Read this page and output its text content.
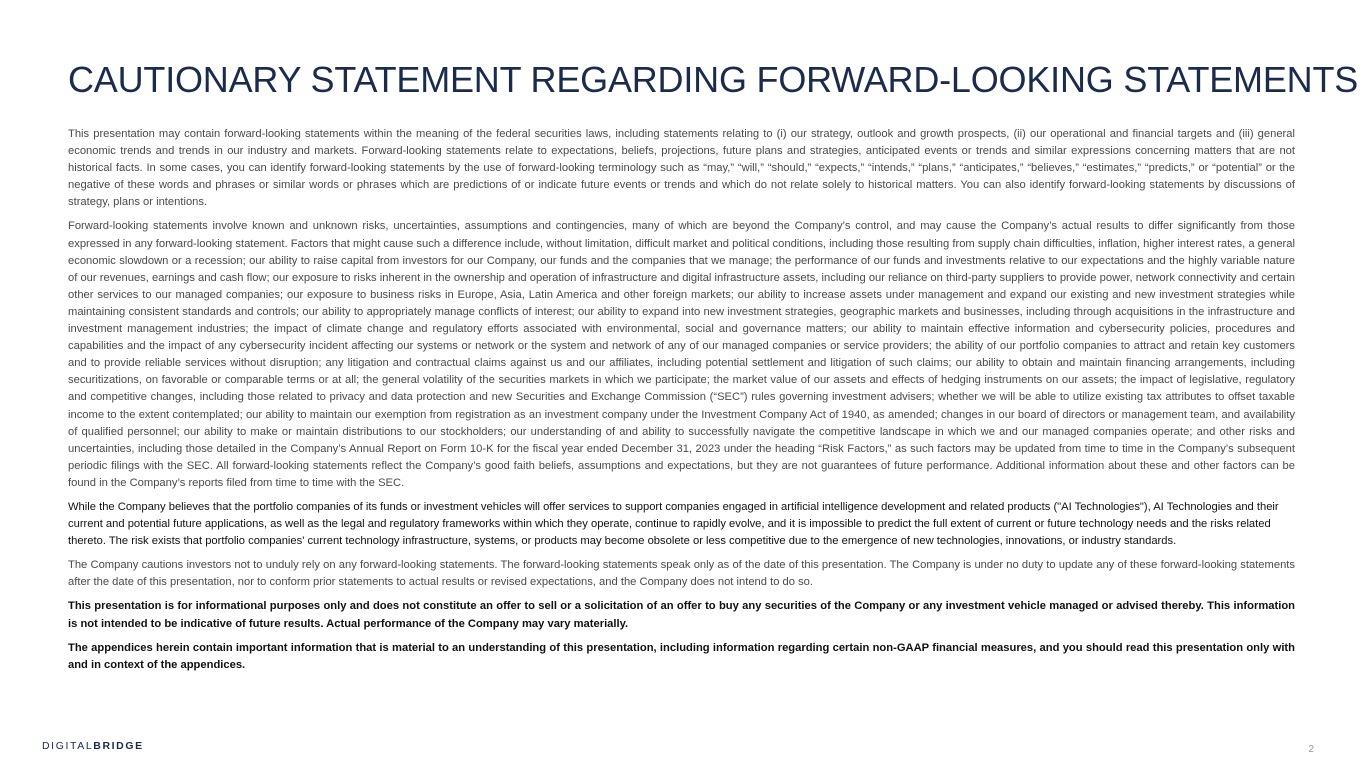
CAUTIONARY STATEMENT REGARDING FORWARD-LOOKING STATEMENTS

This presentation may contain forward-looking statements within the meaning of the federal securities laws, including statements relating to (i) our strategy, outlook and growth prospects, (ii) our operational and financial targets and (iii) general economic trends and trends in our industry and markets. Forward-looking statements relate to expectations, beliefs, projections, future plans and strategies, anticipated events or trends and similar expressions concerning matters that are not historical facts. In some cases, you can identify forward-looking statements by the use of forward-looking terminology such as “may,” “will,” “should,” “expects,” “intends,” “plans,” “anticipates,” “believes,” “estimates,” “predicts,” or “potential” or the negative of these words and phrases or similar words or phrases which are predictions of or indicate future events or trends and which do not relate solely to historical matters. You can also identify forward-looking statements by discussions of strategy, plans or intentions.

Forward-looking statements involve known and unknown risks, uncertainties, assumptions and contingencies, many of which are beyond the Company’s control, and may cause the Company’s actual results to differ significantly from those expressed in any forward-looking statement. Factors that might cause such a difference include, without limitation, difficult market and political conditions, including those resulting from supply chain difficulties, inflation, higher interest rates, a general economic slowdown or a recession; our ability to raise capital from investors for our Company, our funds and the companies that we manage; the performance of our funds and investments relative to our expectations and the highly variable nature of our revenues, earnings and cash flow; our exposure to risks inherent in the ownership and operation of infrastructure and digital infrastructure assets, including our reliance on third-party suppliers to provide power, network connectivity and certain other services to our managed companies; our exposure to business risks in Europe, Asia, Latin America and other foreign markets; our ability to increase assets under management and expand our existing and new investment strategies while maintaining consistent standards and controls; our ability to appropriately manage conflicts of interest; our ability to expand into new investment strategies, geographic markets and businesses, including through acquisitions in the infrastructure and investment management industries; the impact of climate change and regulatory efforts associated with environmental, social and governance matters; our ability to maintain effective information and cybersecurity policies, procedures and capabilities and the impact of any cybersecurity incident affecting our systems or network or the system and network of any of our managed companies or service providers; the ability of our portfolio companies to attract and retain key customers and to provide reliable services without disruption; any litigation and contractual claims against us and our affiliates, including potential settlement and litigation of such claims; our ability to obtain and maintain financing arrangements, including securitizations, on favorable or comparable terms or at all; the general volatility of the securities markets in which we participate; the market value of our assets and effects of hedging instruments on our assets; the impact of legislative, regulatory and competitive changes, including those related to privacy and data protection and new Securities and Exchange Commission (“SEC”) rules governing investment advisers; whether we will be able to utilize existing tax attributes to offset taxable income to the extent contemplated; our ability to maintain our exemption from registration as an investment company under the Investment Company Act of 1940, as amended; changes in our board of directors or management team, and availability of qualified personnel; our ability to make or maintain distributions to our stockholders; our understanding of and ability to successfully navigate the competitive landscape in which we and our managed companies operate; and other risks and uncertainties, including those detailed in the Company’s Annual Report on Form 10-K for the fiscal year ended December 31, 2023 under the heading “Risk Factors,” as such factors may be updated from time to time in the Company’s subsequent periodic filings with the SEC. All forward-looking statements reflect the Company’s good faith beliefs, assumptions and expectations, but they are not guarantees of future performance. Additional information about these and other factors can be found in the Company’s reports filed from time to time with the SEC.

While the Company believes that the portfolio companies of its funds or investment vehicles will offer services to support companies engaged in artificial intelligence development and related products ("AI Technologies"), AI Technologies and their current and potential future applications, as well as the legal and regulatory frameworks within which they operate, continue to rapidly evolve, and it is impossible to predict the full extent of current or future technology needs and the risks related thereto. The risk exists that portfolio companies' current technology infrastructure, systems, or products may become obsolete or less competitive due to the emergence of new technologies, innovations, or industry standards.

The Company cautions investors not to unduly rely on any forward-looking statements. The forward-looking statements speak only as of the date of this presentation. The Company is under no duty to update any of these forward-looking statements after the date of this presentation, nor to conform prior statements to actual results or revised expectations, and the Company does not intend to do so.

This presentation is for informational purposes only and does not constitute an offer to sell or a solicitation of an offer to buy any securities of the Company or any investment vehicle managed or advised thereby. This information is not intended to be indicative of future results. Actual performance of the Company may vary materially.

The appendices herein contain important information that is material to an understanding of this presentation, including information regarding certain non-GAAP financial measures, and you should read this presentation only with and in context of the appendices.

DIGITALBRIDGE	2
